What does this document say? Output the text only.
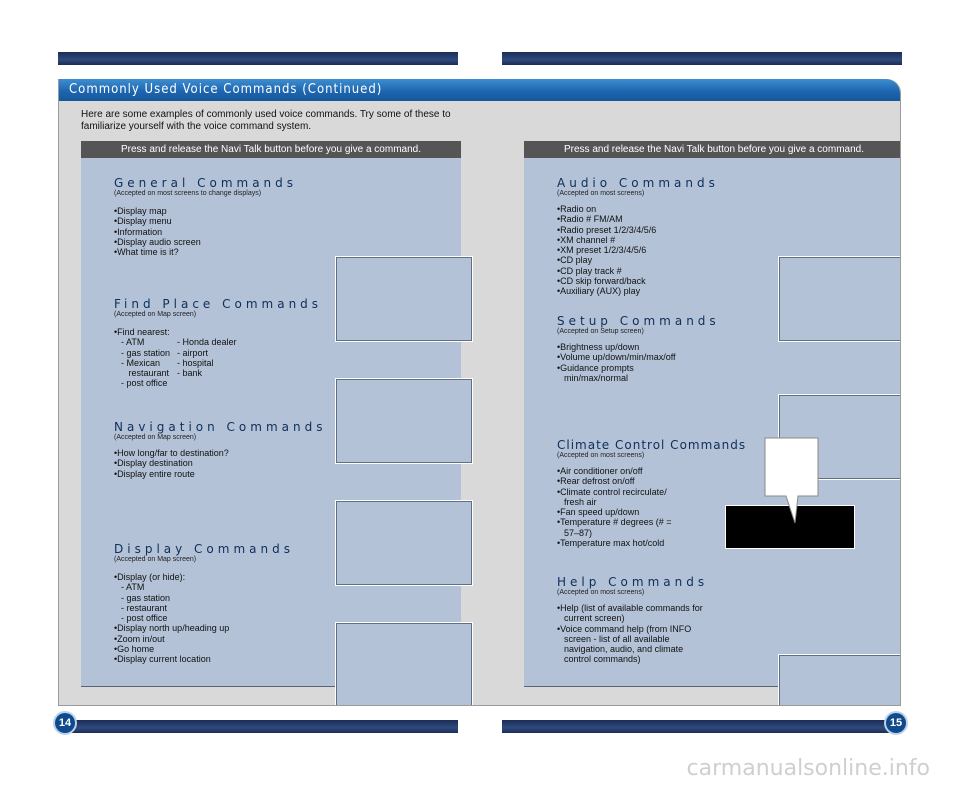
Commonly Used Voice Commands (Continued)
Here are some examples of commonly used voice commands. Try some of these to familiarize yourself with the voice command system.
Press and release the Navi Talk button before you give a command.
General Commands
(Accepted on most screens to change displays)
• Display map
• Display menu
• Information
• Display audio screen
• What time is it?
Find Place Commands
(Accepted on Map screen)
• Find nearest:
- ATM
- gas station
- Mexican
restaurant
- post office
- Honda dealer
- airport
- hospital
- bank
Navigation Commands
(Accepted on Map screen)
• How long/far to destination?
• Display destination
• Display entire route
Display Commands
(Accepted on Map screen)
• Display (or hide):
- ATM
- gas station
- restaurant
- post office
• Display north up/heading up
• Zoom in/out
• Go home
• Display current location
Press and release the Navi Talk button before you give a command.
Audio Commands
(Accepted on most screens)
• Radio on
• Radio # FM/AM
• Radio preset 1/2/3/4/5/6
• XM channel #
• XM preset 1/2/3/4/5/6
• CD play
• CD play track #
• CD skip forward/back
• Auxiliary (AUX) play
Setup Commands
(Accepted on Setup screen)
• Brightness up/down
• Volume up/down/min/max/off
• Guidance prompts min/max/normal
Climate Control Commands
(Accepted on most screens)
• Air conditioner on/off
• Rear defrost on/off
• Climate control recirculate/ fresh air
• Fan speed up/down
• Temperature # degrees (# = 57–87)
• Temperature max hot/cold
Help Commands
(Accepted on most screens)
• Help (list of available commands for current screen)
• Voice command help (from INFO screen - list of all available navigation, audio, and climate control commands)
14	15
carmanualsonline.info
